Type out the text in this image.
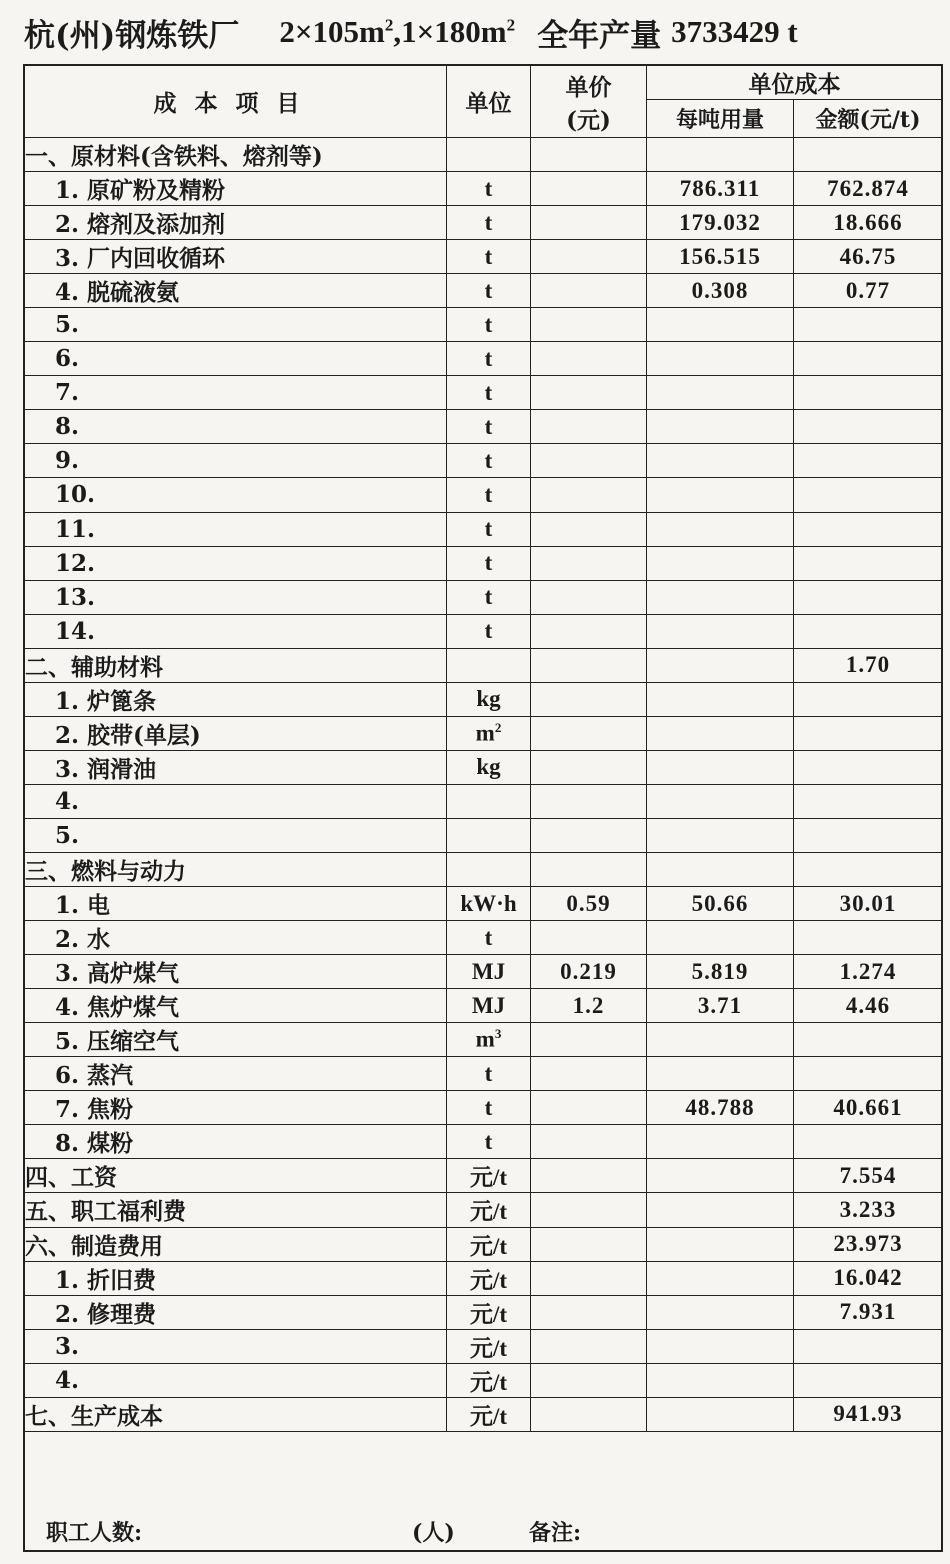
杭(州)钢炼铁厂 $2\times 105m^2,1\times 180m^2$ 全年产量 3733429 t
成本项目	单位	单价
(元)	单位成本	
			每吨用量	金额(元/t)
一、原材料(含铁料、熔剂等)				
1. 原矿粉及精粉	t		786.311	762.874
2. 熔剂及添加剂	t		179.032	18.666
3. 厂内回收循环	t		156.515	46.75
4. 脱硫液氨	t		0.308	0.77
5.	t			
6.	t			
7.	t			
8.	t			
9.	t			
10.	t			
11.	t			
12.	t			
13.	t			
14.	t			
二、辅助材料				1.70
1. 炉篦条	kg			
2. 胶带(单层)	$m^2$			
3. 润滑油	kg			
4.				
5.				
三、燃料与动力				
1. 电	kW·h	0.59	50.66	30.01
2. 水	t			
3. 高炉煤气	MJ	0.219	5.819	1.274
4. 焦炉煤气	MJ	1.2	3.71	4.46
5. 压缩空气	$m^3$			
6. 蒸汽	t			
7. 焦粉	t		48.788	40.661
8. 煤粉	t			
四、工资	元/t			7.554
五、职工福利费	元/t			3.233
六、制造费用	元/t			23.973
1. 折旧费	元/t			16.042
2. 修理费	元/t			7.931
3.	元/t			
4.	元/t			
七、生产成本	元/t			941.93
职工人数:	(人)	备注:
